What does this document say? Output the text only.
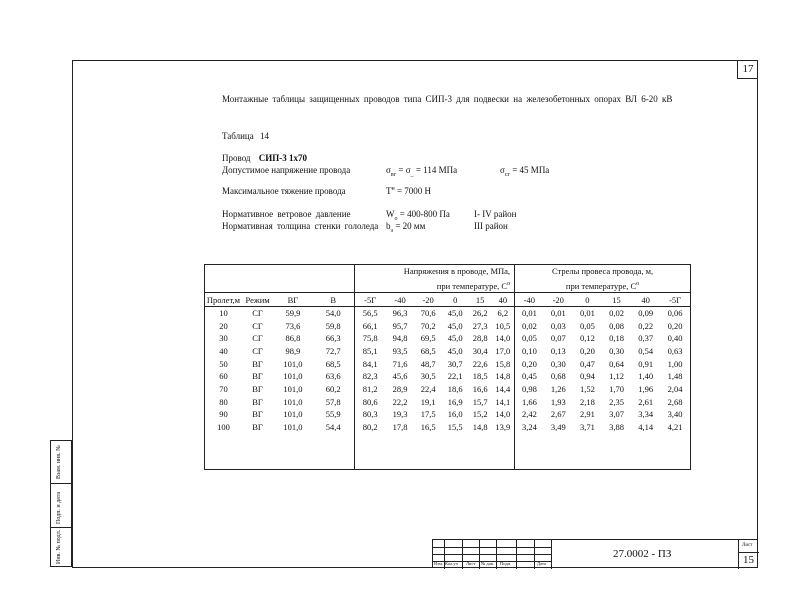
17
Взам. инв. №
Подп. и дата
Инв. № подл.
Монтажные таблицы защищенных проводов типа СИП-3 для подвески на железобетонных опорах ВЛ 6-20 кВ
Таблица 14
Провод СИП-3 1х70
Допустимое напряжение провода	$\sigma_{вг} = \sigma_{\_} = 114$ МПа	$\sigma_{сг} = 45$ МПа
Максимальное тяжение провода	$Т^н = 7000$ Н
Нормативное ветровое давление	$W_о = 400-800$ Па	I- IV район
Нормативная толщина стенки гололеда $b_э = 20$ мм	III район
				Напряжения в проводе, МПа,						Стрелы провеса провода, м,					
				при температуре, $С^о$						при температуре, $С^о$
Пролет,м	Режим	ВГ	В	-5Г	-40	-20	0	15	40	-40	-20	0	15	40	-5Г
10	СГ	59,9	54,0	56,5	96,3	70,6	45,0	26,2	6,2	0,01	0,01	0,01	0,02	0,09	0,06
20	СГ	73,6	59,8	66,1	95,7	70,2	45,0	27,3	10,5	0,02	0,03	0,05	0,08	0,22	0,20
30	СГ	86,8	66,3	75,8	94,8	69,5	45,0	28,8	14,0	0,05	0,07	0,12	0,18	0,37	0,40
40	СГ	98,9	72,7	85,1	93,5	68,5	45,0	30,4	17,0	0,10	0,13	0,20	0,30	0,54	0,63
50	ВГ	101,0	68,5	84,1	71,6	48,7	30,7	22,6	15,8	0,20	0,30	0,47	0,64	0,91	1,00
60	ВГ	101,0	63,6	82,3	45,6	30,5	22,1	18,5	14,8	0,45	0,68	0,94	1,12	1,40	1,48
70	ВГ	101,0	60,2	81,2	28,9	22,4	18,6	16,6	14,4	0,98	1,26	1,52	1,70	1,96	2,04
80	ВГ	101,0	57,8	80,6	22,2	19,1	16,9	15,7	14,1	1,66	1,93	2,18	2,35	2,61	2,68
90	ВГ	101,0	55,9	80,3	19,3	17,5	16,0	15,2	14,0	2,42	2,67	2,91	3,07	3,34	3,40
100	ВГ	101,0	54,4	80,2	17,8	16,5	15,5	14,8	13,9	3,24	3,49	3,71	3,88	4,14	4,21

Изм. Кол.уч Лист № док. Подп.	Дата
27.0002 - ПЗ
Лист
15
